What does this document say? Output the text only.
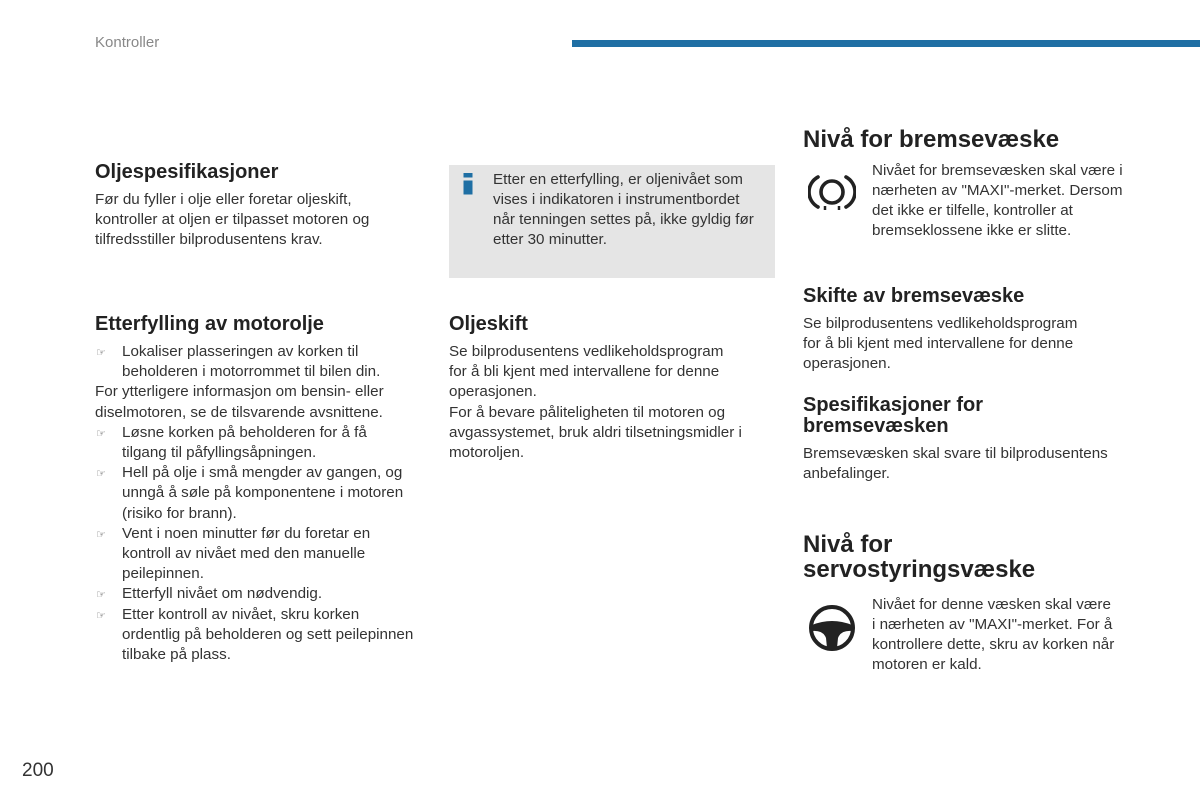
Kontroller
Oljespesifikasjoner
Før du fyller i olje eller foretar oljeskift,
kontroller at oljen er tilpasset motoren og
tilfredsstiller bilprodusentens krav.
Etterfylling av motorolje
☞
Lokaliser plasseringen av korken til
beholderen i motorrommet til bilen din.
For ytterligere informasjon om bensin- eller
diselmotoren, se de tilsvarende avsnittene.
☞
Løsne korken på beholderen for å få
tilgang til påfyllingsåpningen.
☞
Hell på olje i små mengder av gangen, og
unngå å søle på komponentene i motoren
(risiko for brann).
☞
Vent i noen minutter før du foretar en
kontroll av nivået med den manuelle
peilepinnen.
☞
Etterfyll nivået om nødvendig.
☞
Etter kontroll av nivået, skru korken
ordentlig på beholderen og sett peilepinnen
tilbake på plass.
Etter en etterfylling, er oljenivået som
vises i indikatoren i instrumentbordet
når tenningen settes på, ikke gyldig før
etter 30 minutter.
Oljeskift
Se bilprodusentens vedlikeholdsprogram
for å bli kjent med intervallene for denne
operasjonen.
For å bevare påliteligheten til motoren og
avgassystemet, bruk aldri tilsetningsmidler i
motoroljen.
Nivå for bremsevæske
Nivået for bremsevæsken skal være i
nærheten av "MAXI"-merket. Dersom
det ikke er tilfelle, kontroller at
bremseklossene ikke er slitte.
Skifte av bremsevæske
Se bilprodusentens vedlikeholdsprogram
for å bli kjent med intervallene for denne
operasjonen.
Spesifikasjoner for
bremsevæsken
Bremsevæsken skal svare til bilprodusentens
anbefalinger.
Nivå for
servostyringsvæske
Nivået for denne væsken skal være
i nærheten av "MAXI"-merket. For å
kontrollere dette, skru av korken når
motoren er kald.
200
